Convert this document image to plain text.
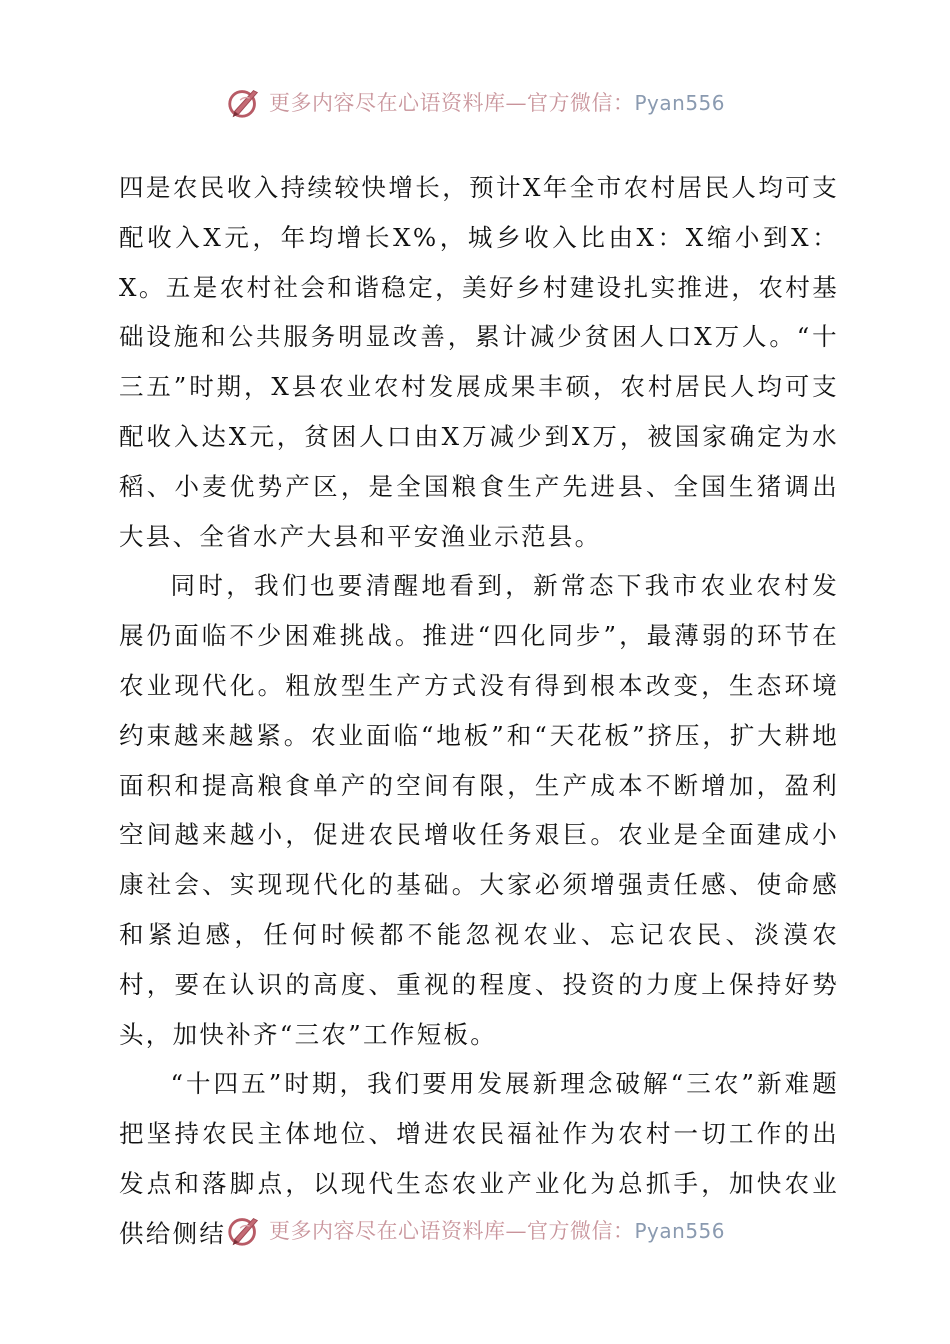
更多内容尽在心语资料库—官方微信：Pyan556

四是农民收入持续较快增长，预计X年全市农村居民人均可支配收入X元，年均增长X%，城乡收入比由X：X缩小到X：X。五是农村社会和谐稳定，美好乡村建设扎实推进，农村基础设施和公共服务明显改善，累计减少贫困人口X万人。“十三五”时期，X县农业农村发展成果丰硕，农村居民人均可支配收入达X元，贫困人口由X万减少到X万，被国家确定为水稻、小麦优势产区，是全国粮食生产先进县、全国生猪调出大县、全省水产大县和平安渔业示范县。

同时，我们也要清醒地看到，新常态下我市农业农村发展仍面临不少困难挑战。推进“四化同步”，最薄弱的环节在农业现代化。粗放型生产方式没有得到根本改变，生态环境约束越来越紧。农业面临“地板”和“天花板”挤压，扩大耕地面积和提高粮食单产的空间有限，生产成本不断增加，盈利空间越来越小，促进农民增收任务艰巨。农业是全面建成小康社会、实现现代化的基础。大家必须增强责任感、使命感和紧迫感，任何时候都不能忽视农业、忘记农民、淡漠农村，要在认识的高度、重视的程度、投资的力度上保持好势头，加快补齐“三农”工作短板。

“十四五”时期，我们要用发展新理念破解“三农”新难题把坚持农民主体地位、增进农民福祉作为农村一切工作的出发点和落脚点，以现代生态农业产业化为总抓手，加快农业供给侧结	更多内容尽在心语资料库—官方微信：Pyan556
